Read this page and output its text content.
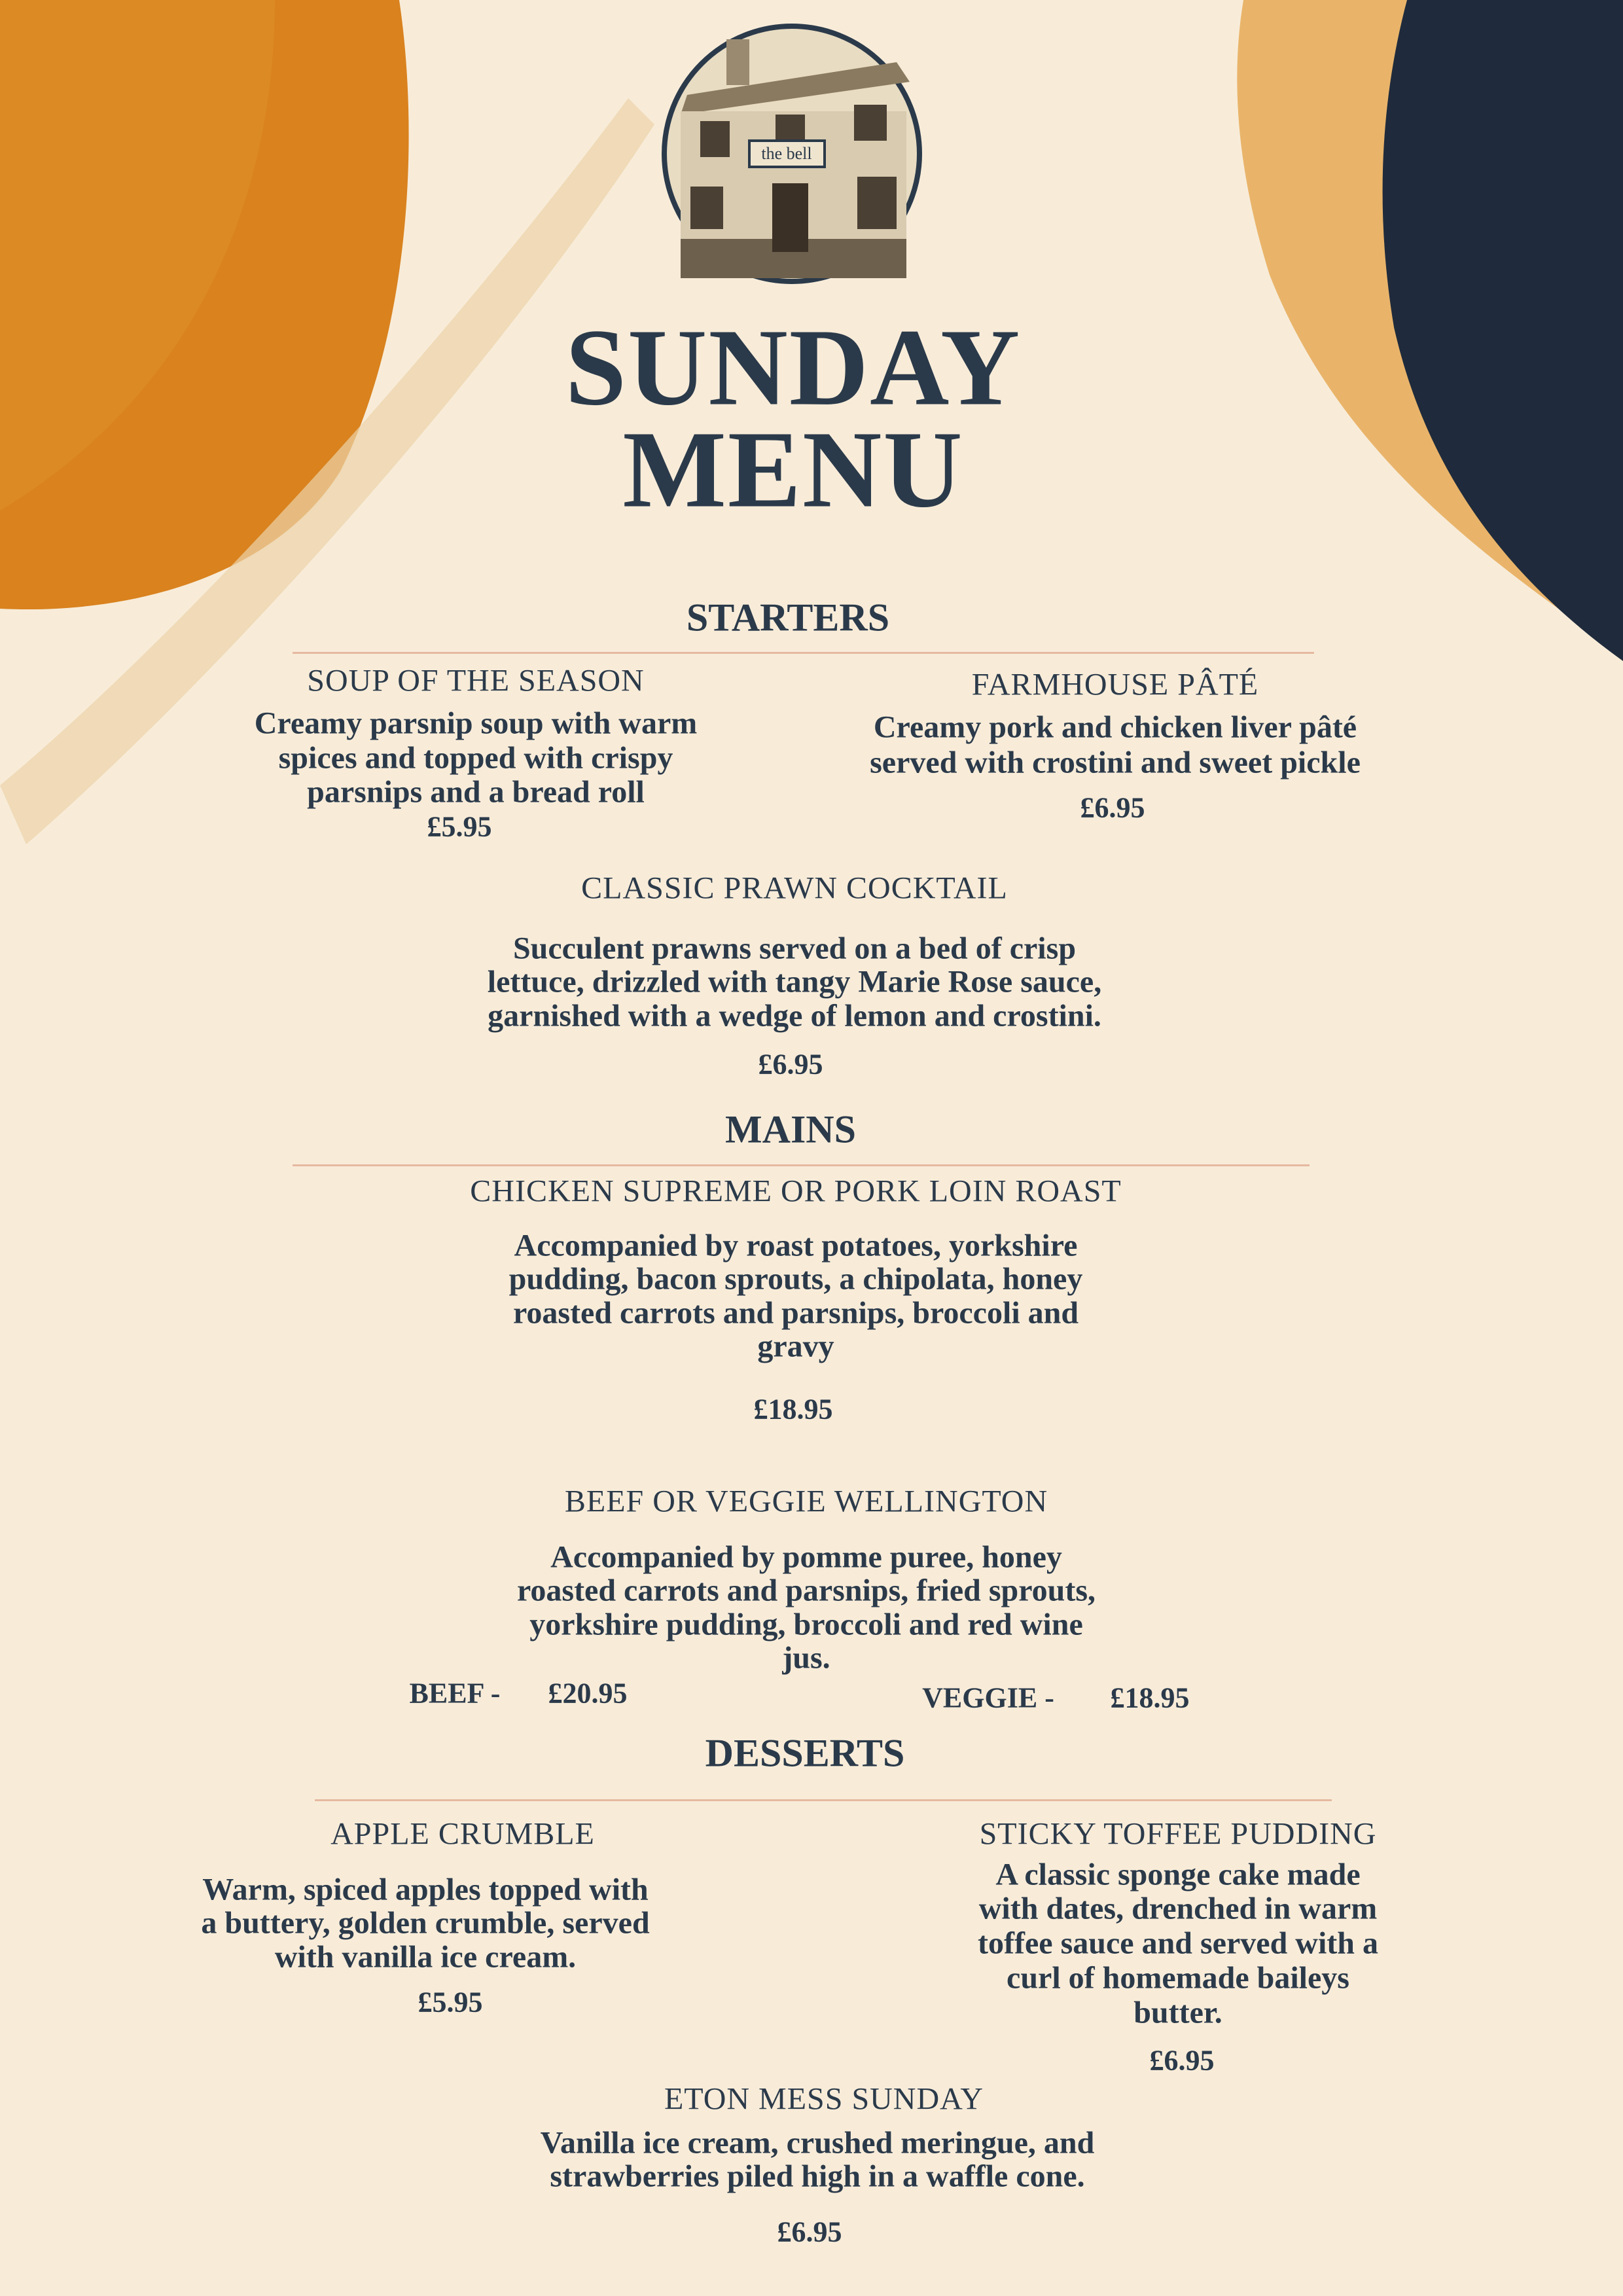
the bell
SUNDAY
MENU
STARTERS
SOUP OF THE SEASON
Creamy parsnip soup with warm
spices and topped with crispy
parsnips and a bread roll
£5.95
FARMHOUSE PÂTÉ
Creamy pork and chicken liver pâté
served with crostini and sweet pickle
£6.95
CLASSIC PRAWN COCKTAIL
Succulent prawns served on a bed of crisp
lettuce, drizzled with tangy Marie Rose sauce,
garnished with a wedge of lemon and crostini.
£6.95
MAINS
CHICKEN SUPREME OR PORK LOIN ROAST
Accompanied by roast potatoes, yorkshire
pudding, bacon sprouts, a chipolata, honey
roasted carrots and parsnips, broccoli and
gravy
£18.95
BEEF OR VEGGIE WELLINGTON
Accompanied by pomme puree, honey
roasted carrots and parsnips, fried sprouts,
yorkshire pudding, broccoli and red wine
jus.
BEEF - £20.95	VEGGIE - £18.95
DESSERTS
APPLE CRUMBLE
Warm, spiced apples topped with
a buttery, golden crumble, served
with vanilla ice cream.
£5.95
STICKY TOFFEE PUDDING
A classic sponge cake made
with dates, drenched in warm
toffee sauce and served with a
curl of homemade baileys
butter.
£6.95
ETON MESS SUNDAY
Vanilla ice cream, crushed meringue, and
strawberries piled high in a waffle cone.
£6.95
